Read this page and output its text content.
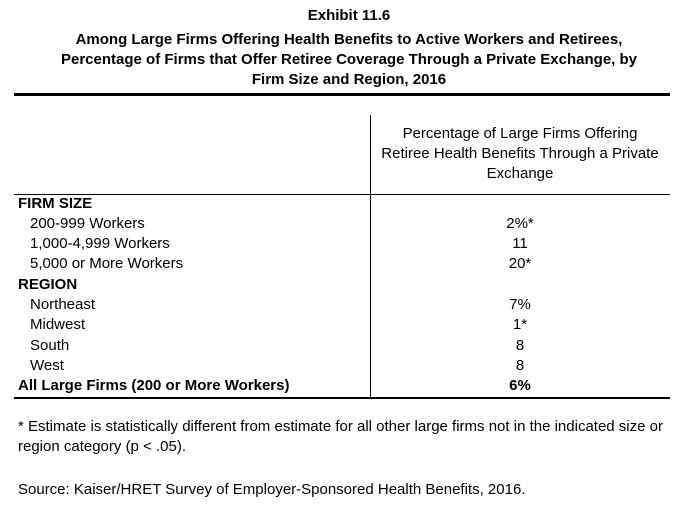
Exhibit 11.6
Among Large Firms Offering Health Benefits to Active Workers and Retirees,
Percentage of Firms that Offer Retiree Coverage Through a Private Exchange, by
Firm Size and Region, 2016
Percentage of Large Firms Offering Retiree Health Benefits Through a Private Exchange
FIRM SIZE
200-999 Workers	2%*
1,000-4,999 Workers	11
5,000 or More Workers	20*
REGION
Northeast	7%
Midwest	1*
South	8
West	8
All Large Firms (200 or More Workers)	6%
* Estimate is statistically different from estimate for all other large firms not in the indicated size or region category (p < .05).
Source: Kaiser/HRET Survey of Employer-Sponsored Health Benefits, 2016.
